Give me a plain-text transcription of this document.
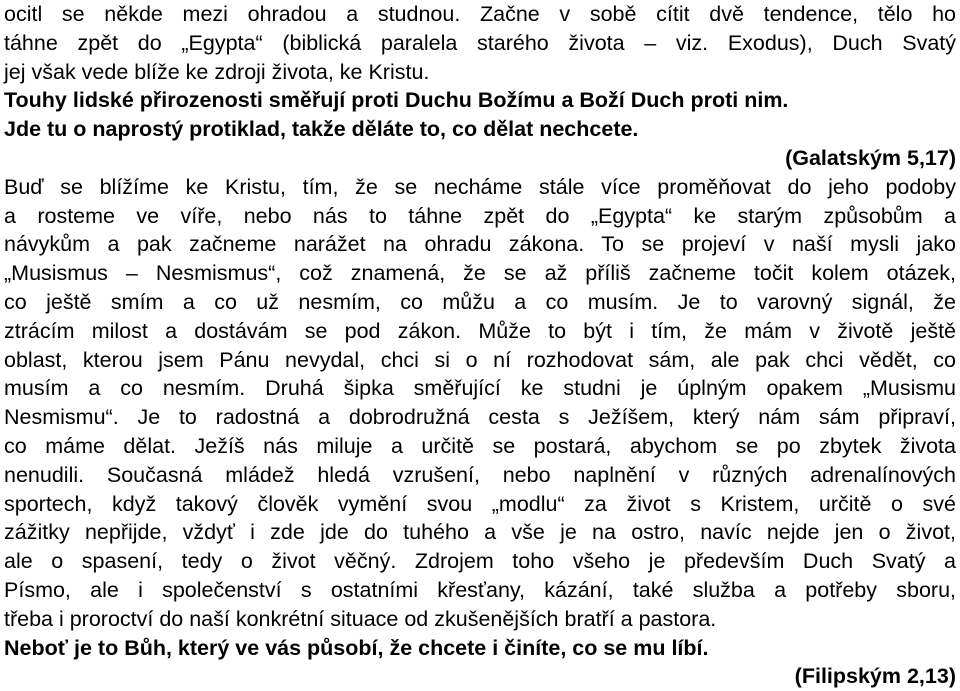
ocitl se někde mezi ohradou a studnou. Začne v sobě cítit dvě tendence, tělo ho
táhne zpět do „Egypta“ (biblická paralela starého života – viz. Exodus), Duch Svatý
jej však vede blíže ke zdroji života, ke Kristu.
Touhy lidské přirozenosti směřují proti Duchu Božímu a Boží Duch proti nim.
Jde tu o naprostý protiklad, takže děláte to, co dělat nechcete.
(Galatským 5,17)
Buď se blížíme ke Kristu, tím, že se necháme stále více proměňovat do jeho podoby
a rosteme ve víře, nebo nás to táhne zpět do „Egypta“ ke starým způsobům a
návykům a pak začneme narážet na ohradu zákona. To se projeví v naší mysli jako
„Musismus – Nesmismus“, což znamená, že se až příliš začneme točit kolem otázek,
co ještě smím a co už nesmím, co můžu a co musím. Je to varovný signál, že
ztrácím milost a dostávám se pod zákon. Může to být i tím, že mám v životě ještě
oblast, kterou jsem Pánu nevydal, chci si o ní rozhodovat sám, ale pak chci vědět, co
musím a co nesmím. Druhá šipka směřující ke studni je úplným opakem „Musismu
Nesmismu“. Je to radostná a dobrodružná cesta s Ježíšem, který nám sám připraví,
co máme dělat. Ježíš nás miluje a určitě se postará, abychom se po zbytek života
nenudili. Současná mládež hledá vzrušení, nebo naplnění v různých adrenalínových
sportech, když takový člověk vymění svou „modlu“ za život s Kristem, určitě o své
zážitky nepřijde, vždyť i zde jde do tuhého a vše je na ostro, navíc nejde jen o život,
ale o spasení, tedy o život věčný. Zdrojem toho všeho je především Duch Svatý a
Písmo, ale i společenství s ostatními křesťany, kázání, také služba a potřeby sboru,
třeba i proroctví do naší konkrétní situace od zkušenějších bratří a pastora.
Neboť je to Bůh, který ve vás působí, že chcete i činíte, co se mu líbí.
(Filipským 2,13)
